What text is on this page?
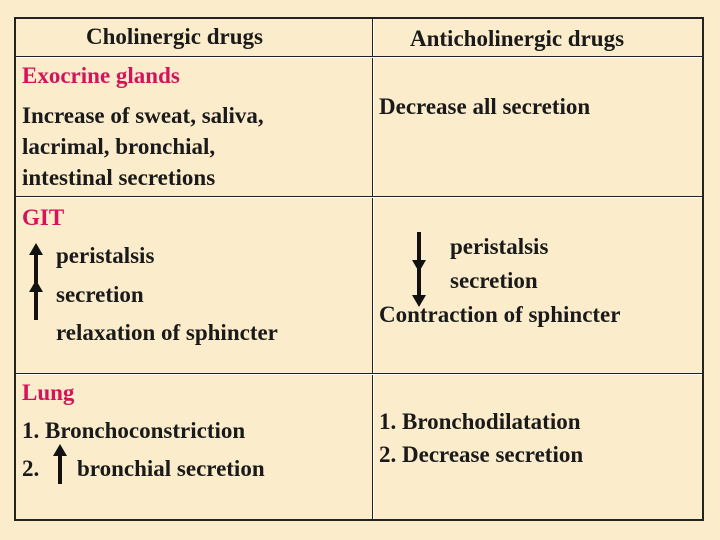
Cholinergic drugs	Anticholinergic drugs
Exocrine glands
Increase of sweat, saliva,
lacrimal, bronchial,
intestinal secretions
Decrease all secretion
GIT
peristalsis
secretion
relaxation of sphincter
peristalsis
secretion
Contraction of sphincter
Lung
1. Bronchoconstriction
2. bronchial secretion
1. Bronchodilatation
2. Decrease secretion
